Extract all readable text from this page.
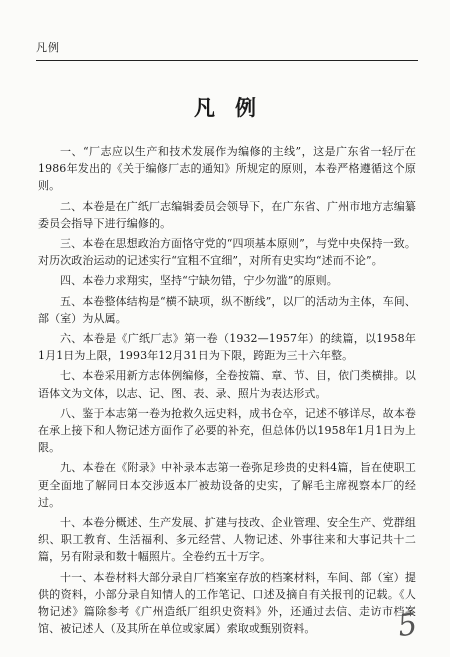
凡例
凡例

一、“厂志应以生产和技术发展作为编修的主线”，这是广东省一轻厅在1986年发出的《关于编修厂志的通知》所规定的原则，本卷严格遵循这个原则。

二、本卷是在广纸厂志编辑委员会领导下，在广东省、广州市地方志编纂委员会指导下进行编修的。

三、本卷在思想政治方面恪守党的“四项基本原则”，与党中央保持一致。对历次政治运动的记述实行“宜粗不宜细”，对所有史实均“述而不论”。

四、本卷力求翔实，坚持“宁缺勿错，宁少勿滥”的原则。

五、本卷整体结构是“横不缺项，纵不断线”，以厂的活动为主体，车间、部（室）为从属。

六、本卷是《广纸厂志》第一卷（1932—1957年）的续篇，以1958年1月1日为上限，1993年12月31日为下限，跨距为三十六年整。

七、本卷采用新方志体例编修，全卷按篇、章、节、目，依门类横排。以语体文为文体，以志、记、图、表、录、照片为表达形式。

八、鉴于本志第一卷为抢救久远史料，成书仓卒，记述不够详尽，故本卷在承上接下和人物记述方面作了必要的补充，但总体仍以1958年1月1日为上限。

九、本卷在《附录》中补录本志第一卷弥足珍贵的史料4篇，旨在使职工更全面地了解同日本交涉返本厂被劫设备的史实，了解毛主席视察本厂的经过。

十、本卷分概述、生产发展、扩建与技改、企业管理、安全生产、党群组织、职工教育、生活福利、多元经营、人物记述、外事往来和大事记共十二篇，另有附录和数十幅照片。全卷约五十万字。

十一、本卷材料大部分录自厂档案室存放的档案材料，车间、部（室）提供的资料，小部分录自知情人的工作笔记、口述及摘自有关报刊的记载。《人物记述》篇除参考《广州造纸厂组织史资料》外，还通过去信、走访市档案馆、被记述人（及其所在单位或家属）索取或甄别资料。	5
